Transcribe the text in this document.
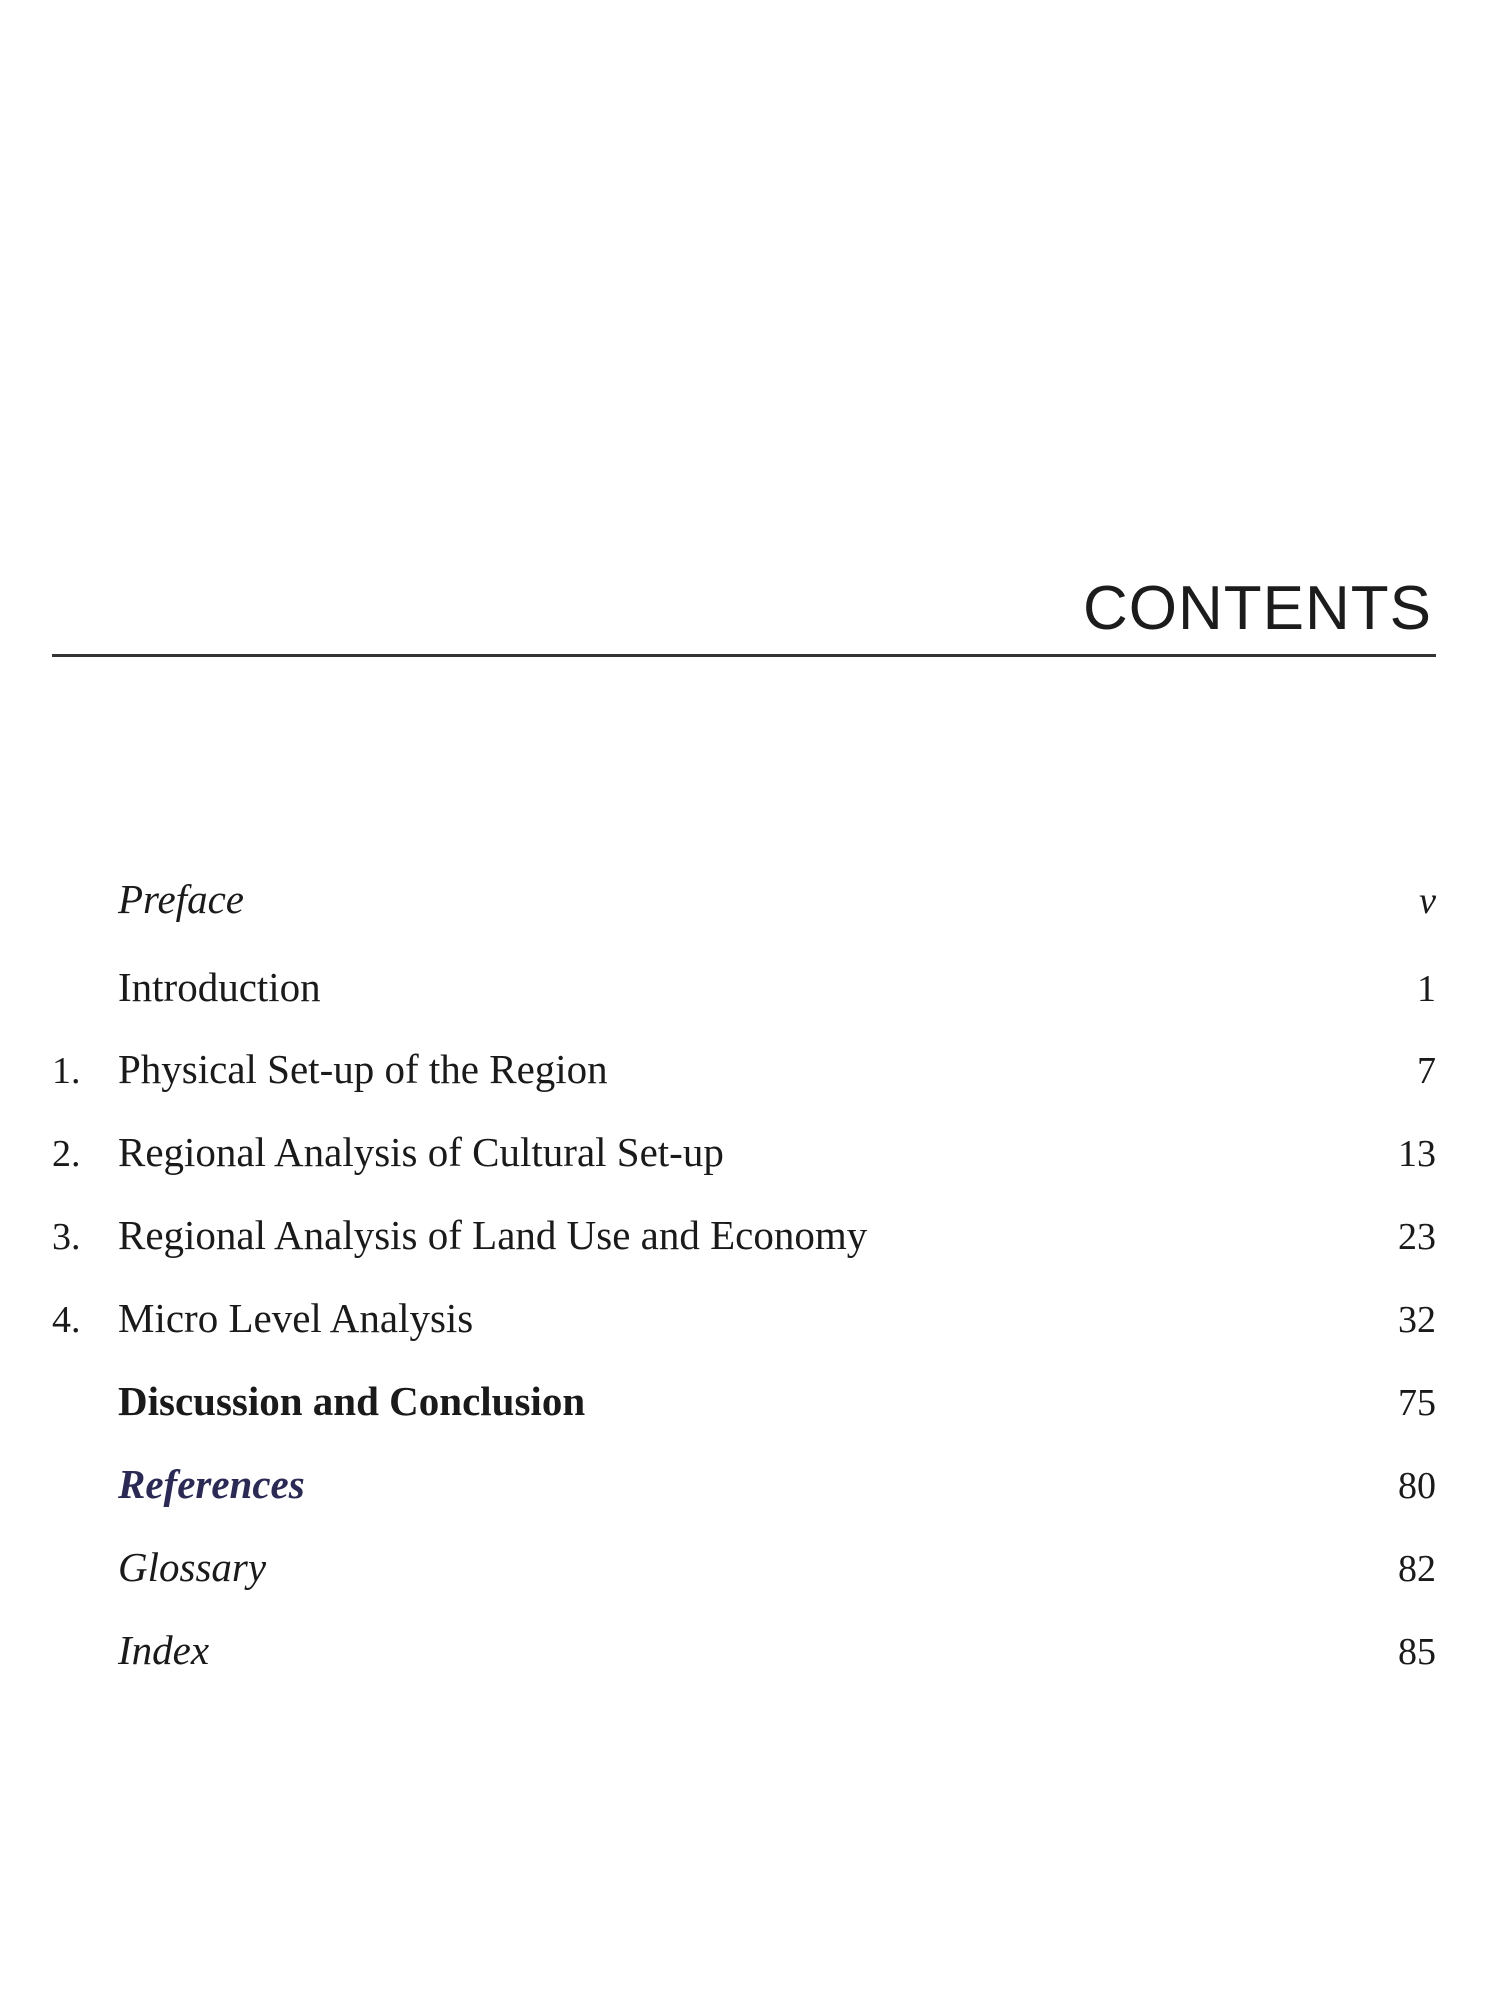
CONTENTS
Preface	v
Introduction	1
1. Physical Set-up of the Region	7
2. Regional Analysis of Cultural Set-up	13
3. Regional Analysis of Land Use and Economy	23
4. Micro Level Analysis	32
Discussion and Conclusion	75
References	80
Glossary	82
Index	85
